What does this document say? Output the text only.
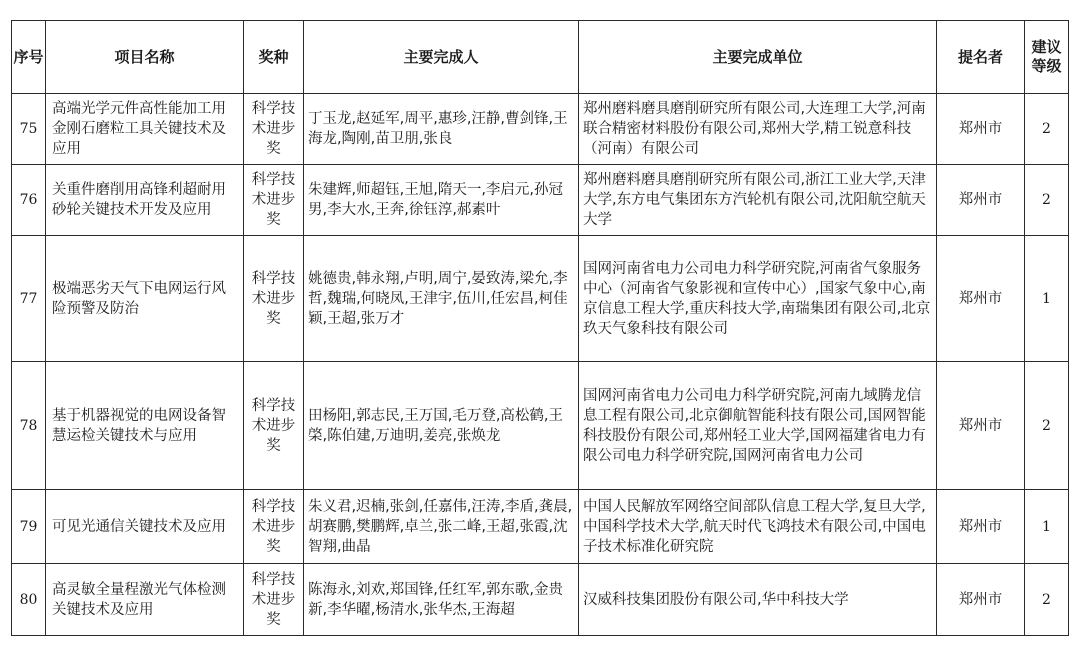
序号	项目名称	奖种	主要完成人	主要完成单位	提名者	建议等级
75	高端光学元件高性能加工用金刚石磨粒工具关键技术及应用	科学技术进步奖	丁玉龙,赵延军,周平,惠珍,汪静,曹剑锋,王海龙,陶刚,苗卫朋,张良	郑州磨料磨具磨削研究所有限公司,大连理工大学,河南联合精密材料股份有限公司,郑州大学,精工锐意科技（河南）有限公司	郑州市	2
76	关重件磨削用高锋利超耐用砂轮关键技术开发及应用	科学技术进步奖	朱建辉,师超钰,王旭,隋天一,李启元,孙冠男,李大水,王奔,徐钰淳,郝素叶	郑州磨料磨具磨削研究所有限公司,浙江工业大学,天津大学,东方电气集团东方汽轮机有限公司,沈阳航空航天大学	郑州市	2
77	极端恶劣天气下电网运行风险预警及防治	科学技术进步奖	姚德贵,韩永翔,卢明,周宁,晏致涛,梁允,李哲,魏瑞,何晓凤,王津宇,伍川,任宏昌,柯佳颖,王超,张万才	国网河南省电力公司电力科学研究院,河南省气象服务中心（河南省气象影视和宣传中心）,国家气象中心,南京信息工程大学,重庆科技大学,南瑞集团有限公司,北京玖天气象科技有限公司	郑州市	1
78	基于机器视觉的电网设备智慧运检关键技术与应用	科学技术进步奖	田杨阳,郭志民,王万国,毛万登,高松鹤,王棨,陈伯建,万迪明,姜亮,张焕龙	国网河南省电力公司电力科学研究院,河南九域腾龙信息工程有限公司,北京御航智能科技有限公司,国网智能科技股份有限公司,郑州轻工业大学,国网福建省电力有限公司电力科学研究院,国网河南省电力公司	郑州市	2
79	可见光通信关键技术及应用	科学技术进步奖	朱义君,迟楠,张剑,任嘉伟,汪涛,李盾,龚晨,胡赛鹏,樊鹏辉,卓兰,张二峰,王超,张霞,沈智翔,曲晶	中国人民解放军网络空间部队信息工程大学,复旦大学,中国科学技术大学,航天时代飞鸿技术有限公司,中国电子技术标准化研究院	郑州市	1
80	高灵敏全量程激光气体检测关键技术及应用	科学技术进步奖	陈海永,刘欢,郑国锋,任红军,郭东歌,金贵新,李华曜,杨清水,张华杰,王海超	汉威科技集团股份有限公司,华中科技大学	郑州市	2
